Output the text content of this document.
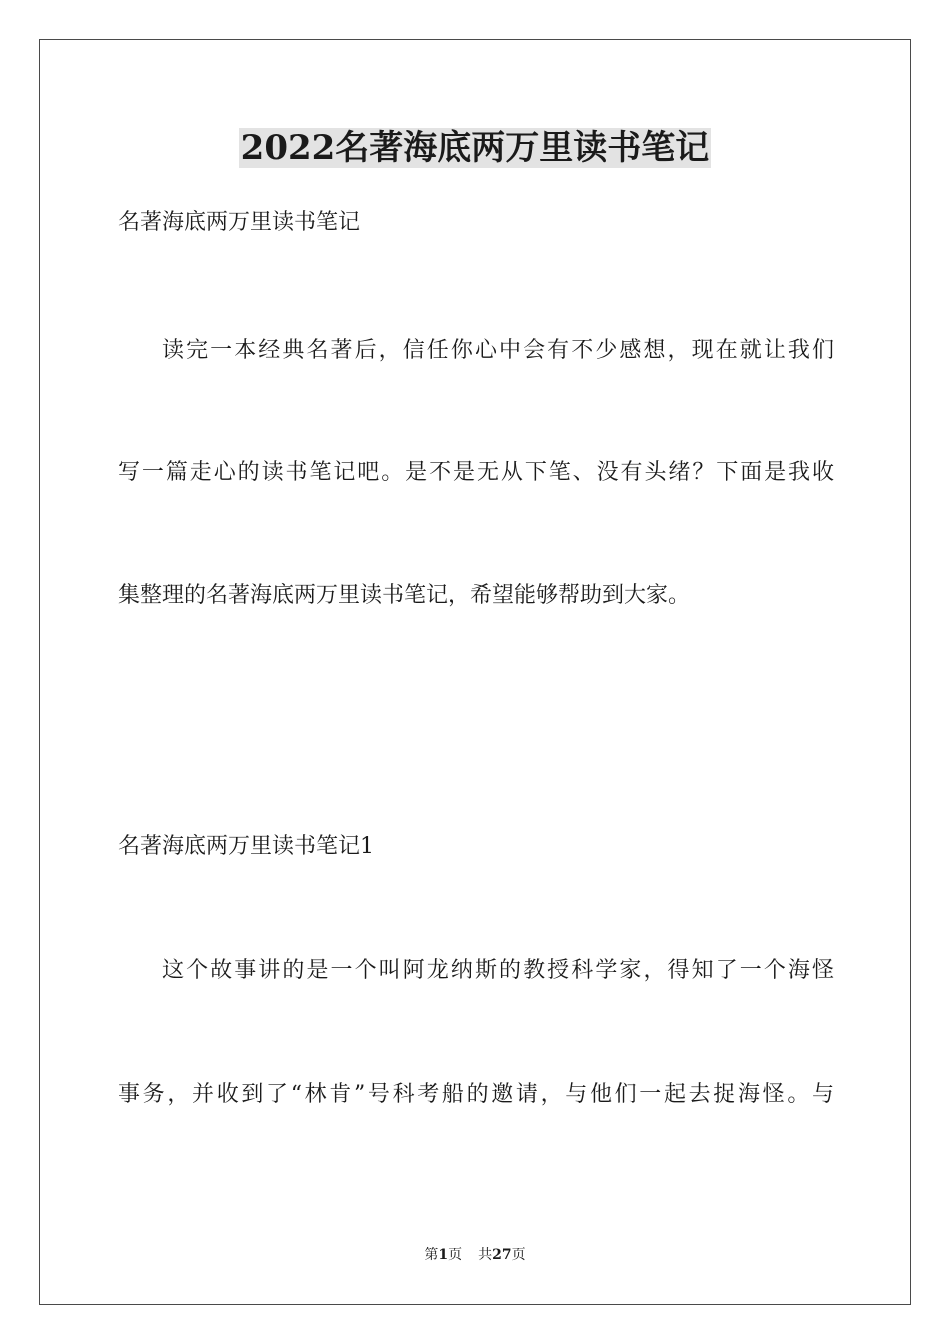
2022名著海底两万里读书笔记

名著海底两万里读书笔记

读完一本经典名著后，信任你心中会有不少感想，现在就让我们

写一篇走心的读书笔记吧。是不是无从下笔、没有头绪？下面是我收

集整理的名著海底两万里读书笔记，希望能够帮助到大家。

名著海底两万里读书笔记1

这个故事讲的是一个叫阿龙纳斯的教授科学家，得知了一个海怪

事务，并收到了“林肯”号科考船的邀请，与他们一起去捉海怪。与

第1页 共27页
